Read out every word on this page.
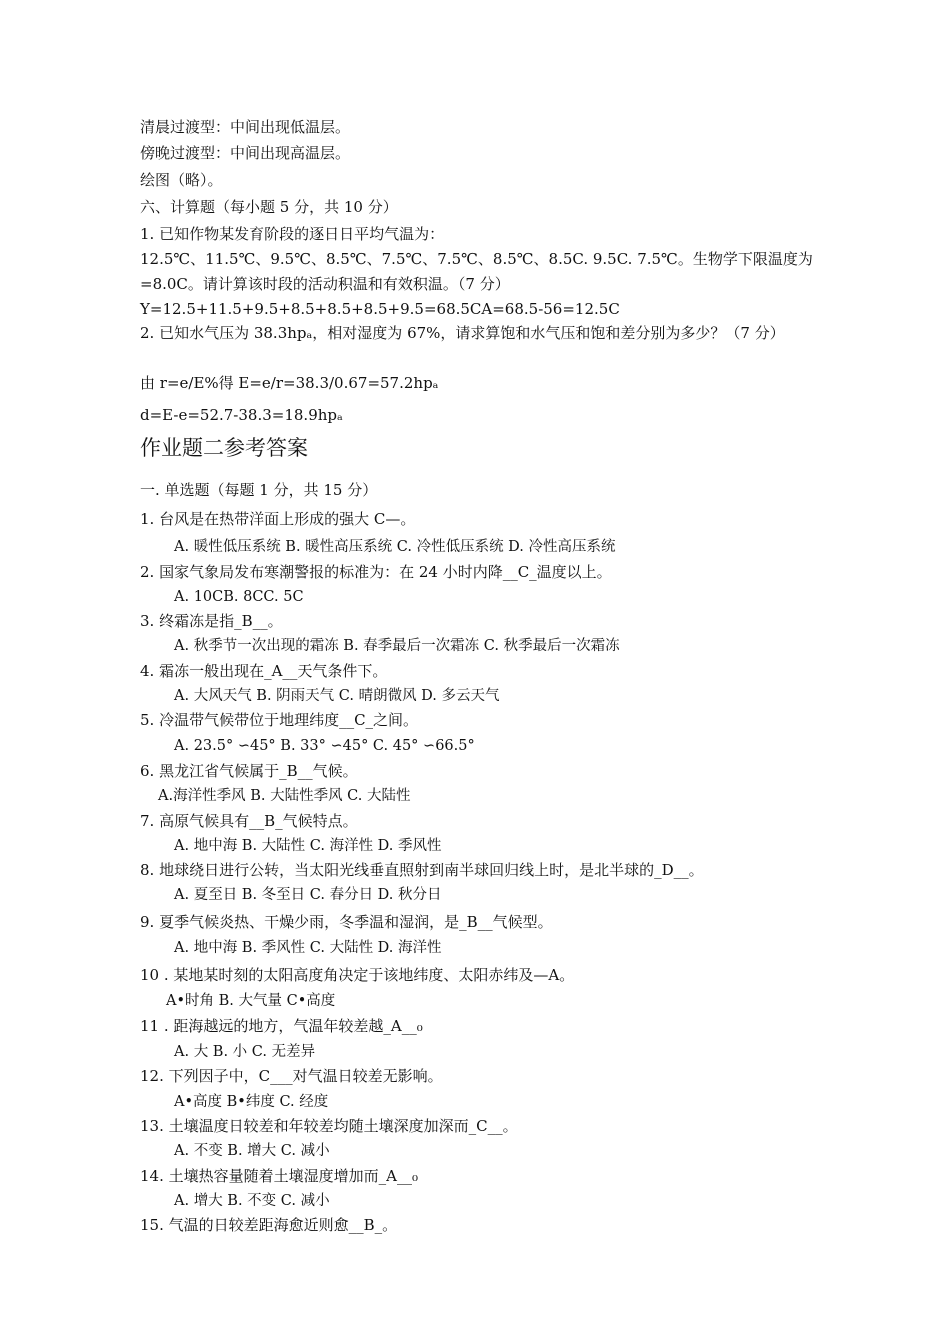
清晨过渡型：中间出现低温层。
傍晚过渡型：中间出现高温层。
绘图（略）。
六、计算题（每小题 5 分，共 10 分）
1. 已知作物某发育阶段的逐日日平均气温为：
12.5℃、11.5℃、9.5℃、8.5℃、7.5℃、7.5℃、8.5℃、8.5C. 9.5C. 7.5℃。生物学下限温度为
=8.0C。请计算该时段的活动积温和有效积温。（7 分）
Y=12.5+11.5+9.5+8.5+8.5+8.5+9.5=68.5CA=68.5-56=12.5C
2. 已知水气压为 38.3hpₐ，相对湿度为 67%，请求算饱和水气压和饱和差分别为多少？（7 分）
由 r=e/E%得 E=e/r=38.3/0.67=57.2hpₐ
d=E-e=52.7-38.3=18.9hpₐ
作业题二参考答案
一. 单选题（每题 1 分，共 15 分）
1. 台风是在热带洋面上形成的强大 C—。
A. 暖性低压系统 B. 暖性高压系统 C. 冷性低压系统 D. 冷性高压系统
2. 国家气象局发布寒潮警报的标准为：在 24 小时内降__C_温度以上。
A. 10CB. 8CC. 5C
3. 终霜冻是指_B__。
A. 秋季节一次出现的霜冻 B. 春季最后一次霜冻 C. 秋季最后一次霜冻
4. 霜冻一般出现在_A__天气条件下。
A. 大风天气 B. 阴雨天气 C. 晴朗微风 D. 多云天气
5. 冷温带气候带位于地理纬度__C_之间。
A. 23.5° ∽45° B. 33° ∽45° C. 45° ∽66.5°
6. 黑龙江省气候属于_B__气候。
A.海洋性季风 B. 大陆性季风 C. 大陆性
7. 高原气候具有__B_气候特点。
A. 地中海 B. 大陆性 C. 海洋性 D. 季风性
8. 地球绕日进行公转，当太阳光线垂直照射到南半球回归线上时，是北半球的_D__。
A. 夏至日 B. 冬至日 C. 春分日 D. 秋分日
9. 夏季气候炎热、干燥少雨，冬季温和湿润，是_B__气候型。
A. 地中海 B. 季风性 C. 大陆性 D. 海洋性
10 . 某地某时刻的太阳高度角决定于该地纬度、太阳赤纬及—A。
A•时角 B. 大气量 C•高度
11 . 距海越远的地方，气温年较差越_A__₀
A. 大 B. 小 C. 无差异
12. 下列因子中，C___对气温日较差无影响。
A•高度 B•纬度 C. 经度
13. 土壤温度日较差和年较差均随土壤深度加深而_C__。
A. 不变 B. 增大 C. 减小
14. 土壤热容量随着土壤湿度增加而_A__₀
A. 增大 B. 不变 C. 减小
15. 气温的日较差距海愈近则愈__B_。
